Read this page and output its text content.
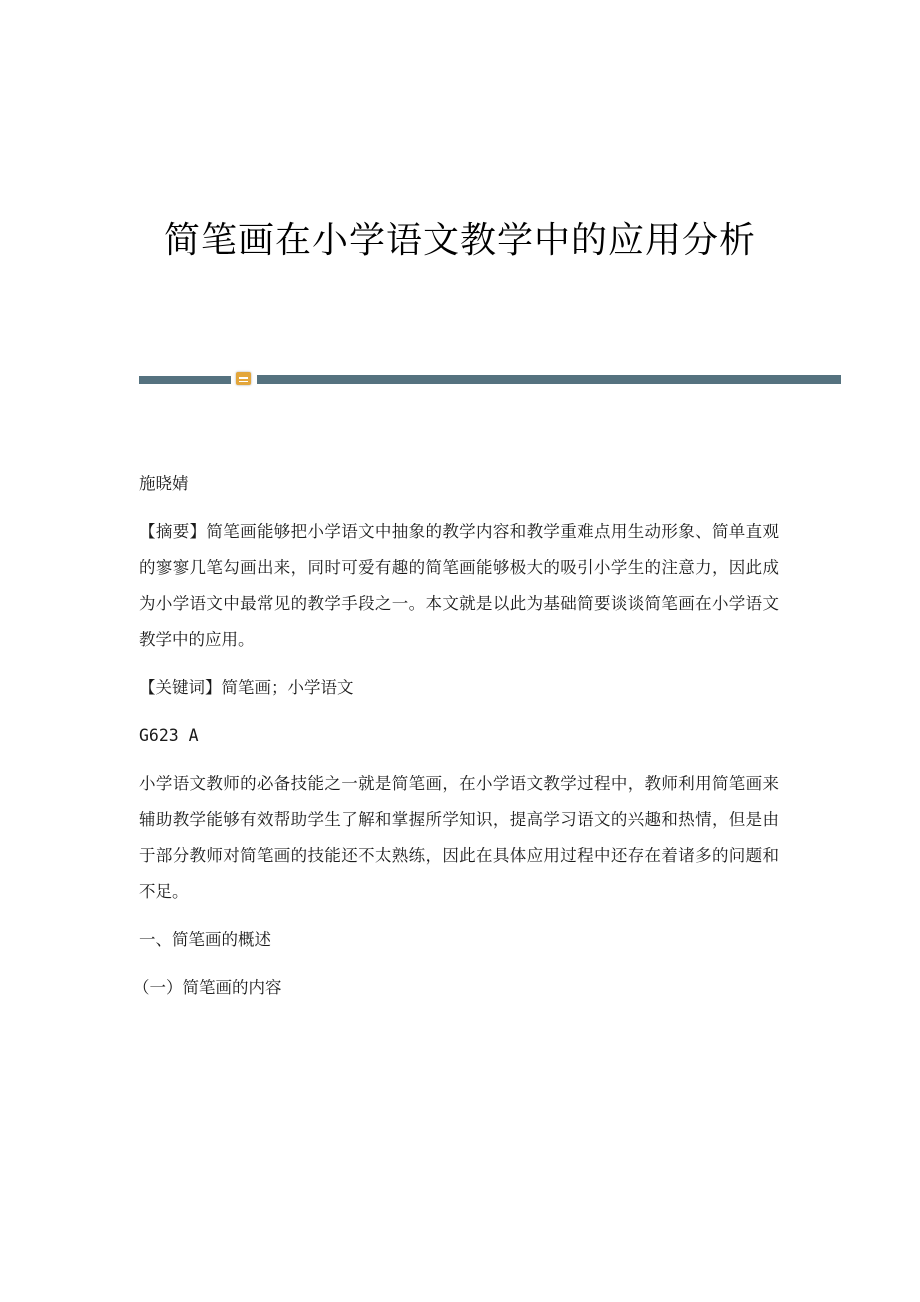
简笔画在小学语文教学中的应用分析

施晓婧

【摘要】简笔画能够把小学语文中抽象的教学内容和教学重难点用生动形象、简单直观的寥寥几笔勾画出来，同时可爱有趣的简笔画能够极大的吸引小学生的注意力，因此成为小学语文中最常见的教学手段之一。本文就是以此为基础简要谈谈简笔画在小学语文教学中的应用。

【关键词】简笔画；小学语文

G623 A

小学语文教师的必备技能之一就是简笔画，在小学语文教学过程中，教师利用简笔画来辅助教学能够有效帮助学生了解和掌握所学知识，提高学习语文的兴趣和热情，但是由于部分教师对简笔画的技能还不太熟练，因此在具体应用过程中还存在着诸多的问题和不足。

一、简笔画的概述

（一）简笔画的内容
